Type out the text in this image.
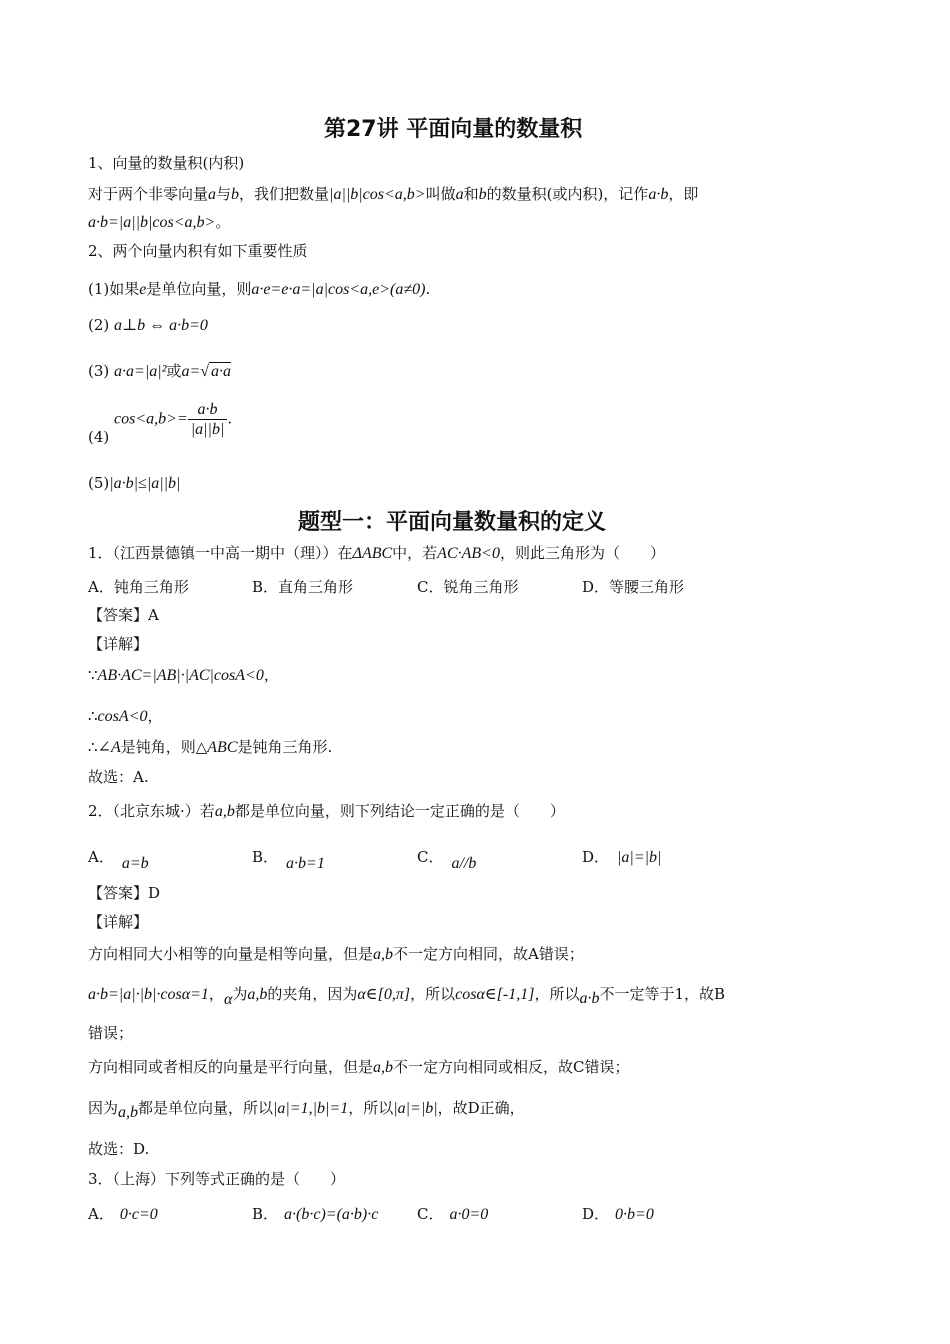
第27讲 平面向量的数量积
1、向量的数量积(内积)
对于两个非零向量a与b，我们把数量|a||b|cos<a,b>叫做a和b的数量积(或内积)，记作a·b，即
a·b=|a||b|cos<a,b>。
2、两个向量内积有如下重要性质
(1)如果e是单位向量，则a·e=e·a=|a|cos<a,e>(a≠0).
(2) a⊥b ⇔ a·b=0
(3) a·a=|a|²或a=√ a·a
(4) $\cos<a,b>= \frac{a\cdot b}{|a||b|}$ .
(5)|a·b|≤|a||b|
题型一：平面向量数量积的定义
1．（江西景德镇一中高一期中（理））在ΔABC中，若AC·AB<0，则此三角形为（　　）
A．钝角三角形	B．直角三角形	C．锐角三角形	D．等腰三角形
【答案】A
【详解】
∵AB·AC=|AB|·|AC|cosA<0，
∴cosA<0，
∴∠A是钝角，则△ABC是钝角三角形.
故选：A.
2．（北京东城·）若a,b都是单位向量，则下列结论一定正确的是（　　）
A． a=b	B． a·b=1	C． a//b	D． |a|=|b|
【答案】D
【详解】
方向相同大小相等的向量是相等向量，但是a,b不一定方向相同，故A错误；
a·b=|a|·|b|·cosα=1，α为a,b的夹角，因为α∈[0,π]，所以cosα∈[-1,1]，所以a·b不一定等于1，故B
错误；
方向相同或者相反的向量是平行向量，但是a,b不一定方向相同或相反，故C错误；
因为a,b都是单位向量，所以|a|=1,|b|=1，所以|a|=|b|，故D正确，
故选：D.
3．（上海）下列等式正确的是（　　）
A． 0·c=0	B． a·(b·c)=(a·b)·c	C． a·0=0	D． 0·b=0
